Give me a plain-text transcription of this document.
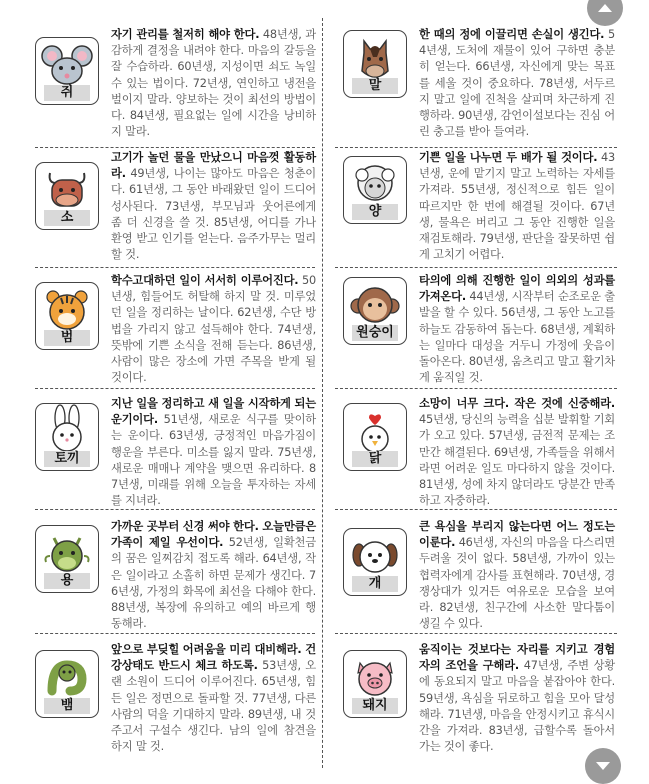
쥐
자기 관리를 철저히 해야 한다. 48년생, 과감하게 결정을 내려야 한다. 마음의 갈등을 잘 수습하라. 60년생, 지성이면 쇠도 녹일 수 있는 법이다. 72년생, 연인하고 냉전을 벌이지 말라. 양보하는 것이 최선의 방법이다. 84년생, 필요없는 일에 시간을 낭비하지 말라.
말
한 때의 정에 이끌리면 손실이 생긴다. 54년생, 도처에 재물이 있어 구하면 충분히 얻는다. 66년생, 자신에게 맞는 목표를 세울 것이 중요하다. 78년생, 서두르지 말고 일에 진척을 살피며 차근하게 진행하라. 90년생, 감언이설보다는 진심 어린 충고를 받아 들여라.
소
고기가 놀던 물을 만났으니 마음껏 활동하라. 49년생, 나이는 많아도 마음은 청춘이다. 61년생, 그 동안 바래왔던 일이 드디어 성사된다. 73년생, 부모님과 웃어른에게 좀 더 신경을 쓸 것. 85년생, 어디를 가나 환영 받고 인기를 얻는다. 음주가무는 멀리 할 것.
양
기쁜 일을 나누면 두 배가 될 것이다. 43년생, 운에 맡기지 말고 노력하는 자세를 가져라. 55년생, 정신적으로 힘든 일이 따르지만 한 번에 해결될 것이다. 67년생, 물욕은 버리고 그 동안 진행한 일을 재검토해라. 79년생, 판단을 잘못하면 쉽게 고치기 어렵다.
범
학수고대하던 일이 서서히 이루어진다. 50년생, 힘들어도 허탈해 하지 말 것. 미루었던 일을 정리하는 날이다. 62년생, 수단 방법을 가리지 않고 설득해야 한다. 74년생, 뜻밖에 기쁜 소식을 전해 듣는다. 86년생, 사람이 많은 장소에 가면 주목을 받게 될 것이다.
원숭이
타의에 의해 진행한 일이 의외의 성과를 가져온다. 44년생, 시작부터 순조로운 출발을 할 수 있다. 56년생, 그 동안 노고를 하늘도 감동하여 돕는다. 68년생, 계획하는 일마다 대성을 거두니 가정에 웃음이 돌아온다. 80년생, 움츠리고 말고 활기차게 움직일 것.
토끼
지난 일을 정리하고 새 일을 시작하게 되는 운기이다. 51년생, 새로운 식구를 맞이하는 운이다. 63년생, 긍정적인 마음가짐이 행운을 부른다. 미소를 잃지 말라. 75년생, 새로운 매매나 계약을 맺으면 유리하다. 87년생, 미래를 위해 오늘을 투자하는 자세를 지녀라.
닭
소망이 너무 크다. 작은 것에 신중해라. 45년생, 당신의 능력을 십분 발휘할 기회가 오고 있다. 57년생, 금전적 문제는 조만간 해결된다. 69년생, 가족들을 위해서라면 어려운 일도 마다하지 않을 것이다. 81년생, 성에 차지 않더라도 당분간 만족하고 자중하라.
용
가까운 곳부터 신경 써야 한다. 오늘만큼은 가족이 제일 우선이다. 52년생, 일확천금의 꿈은 일찌감치 접도록 해라. 64년생, 작은 일이라고 소홀히 하면 문제가 생긴다. 76년생, 가정의 화목에 최선을 다해야 한다. 88년생, 복장에 유의하고 예의 바르게 행동해라.
개
큰 욕심을 부리지 않는다면 어느 정도는 이룬다. 46년생, 자신의 마음을 다스리면 두려울 것이 없다. 58년생, 가까이 있는 협력자에게 감사를 표현해라. 70년생, 경쟁상대가 있거든 여유로운 모습을 보여라. 82년생, 친구간에 사소한 말다툼이 생길 수 있다.
뱀
앞으로 부딪힐 어려움을 미리 대비해라. 건강상태도 반드시 체크 하도록. 53년생, 오랜 소원이 드디어 이루어진다. 65년생, 힘든 일은 정면으로 돌파할 것. 77년생, 다른 사람의 덕을 기대하지 말라. 89년생, 내 것 주고서 구설수 생긴다. 남의 일에 참견을 하지 말 것.
돼지
움직이는 것보다는 자리를 지키고 경험자의 조언을 구해라. 47년생, 주변 상황에 동요되지 말고 마음을 붙잡아야 한다. 59년생, 욕심을 뒤로하고 힘을 모아 달성해라. 71년생, 마음을 안정시키고 휴식시간을 가져라. 83년생, 급할수록 돌아서 가는 것이 좋다.
